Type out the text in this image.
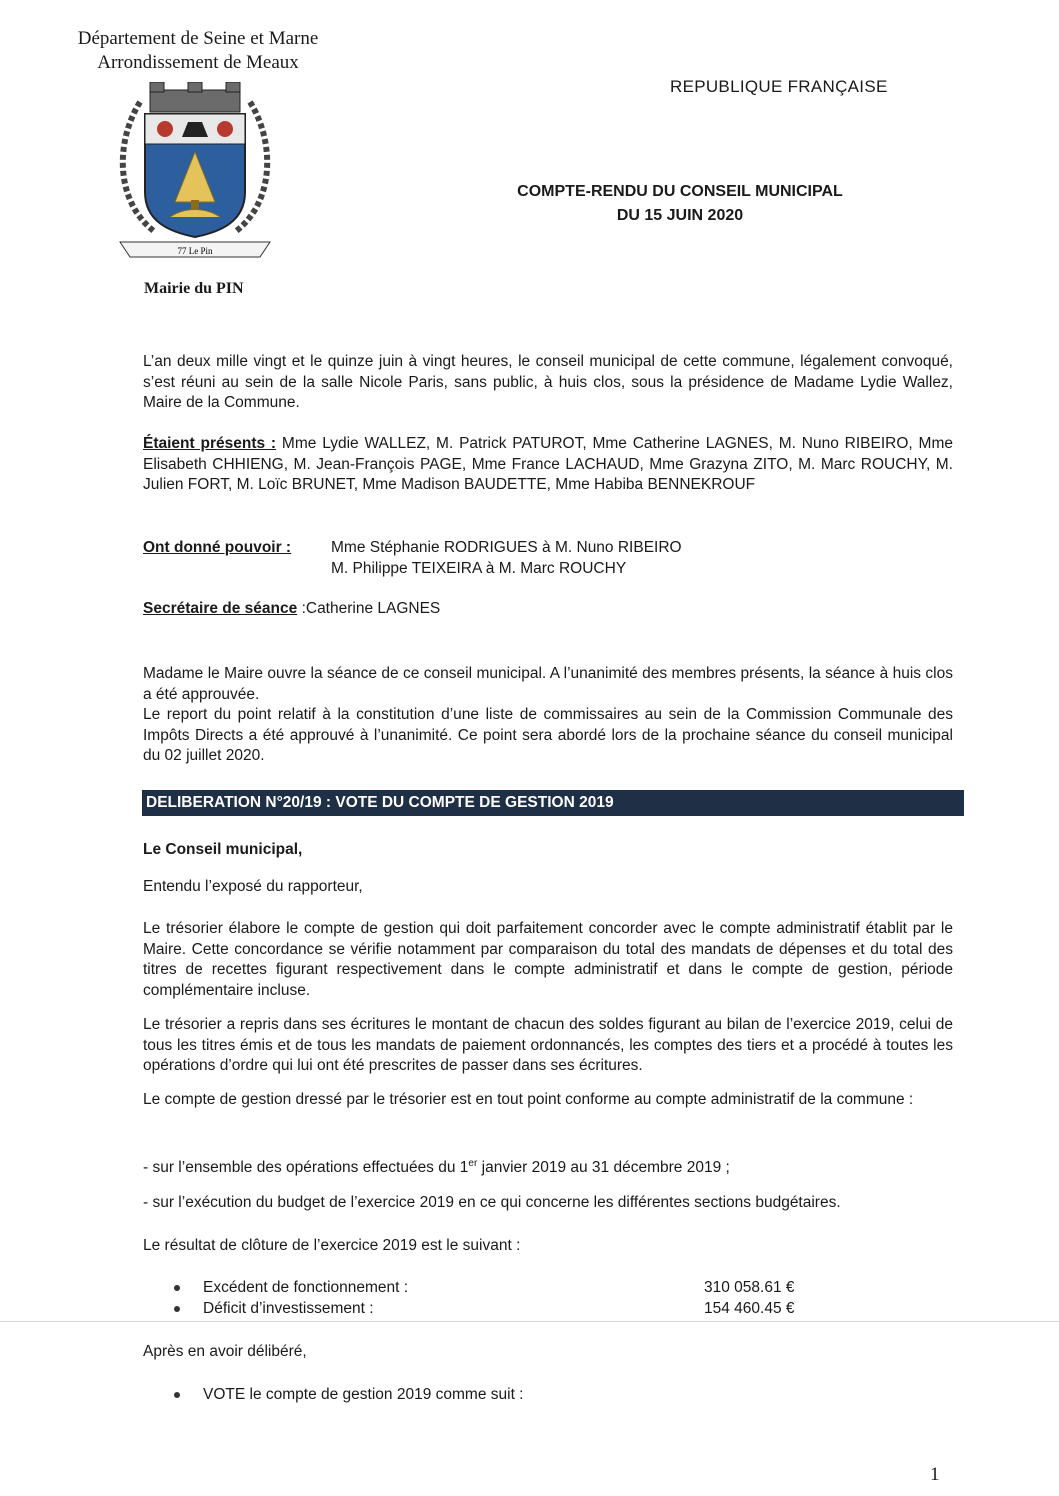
Département de Seine et Marne
Arrondissement de Meaux
77 Le Pin
Mairie du PIN
REPUBLIQUE FRANÇAISE
COMPTE-RENDU DU CONSEIL MUNICIPAL
DU 15 JUIN 2020
L’an deux mille vingt et le quinze juin à vingt heures, le conseil municipal de cette commune, légalement convoqué, s’est réuni au sein de la salle Nicole Paris, sans public, à huis clos, sous la présidence de Madame Lydie Wallez, Maire de la Commune.
Étaient présents : Mme Lydie WALLEZ, M. Patrick PATUROT, Mme Catherine LAGNES, M. Nuno RIBEIRO, Mme Elisabeth CHHIENG, M. Jean-François PAGE, Mme France LACHAUD, Mme Grazyna ZITO, M. Marc ROUCHY, M. Julien FORT, M. Loïc BRUNET, Mme Madison BAUDETTE, Mme Habiba BENNEKROUF
Ont donné pouvoir :	Mme Stéphanie RODRIGUES à M. Nuno RIBEIRO
M. Philippe TEIXEIRA à M. Marc ROUCHY
Secrétaire de séance :Catherine LAGNES
Madame le Maire ouvre la séance de ce conseil municipal. A l’unanimité des membres présents, la séance à huis clos a été approuvée.
Le report du point relatif à la constitution d’une liste de commissaires au sein de la Commission Communale des Impôts Directs a été approuvé à l’unanimité. Ce point sera abordé lors de la prochaine séance du conseil municipal du 02 juillet 2020.
DELIBERATION N°20/19 : VOTE DU COMPTE DE GESTION 2019
Le Conseil municipal,
Entendu l’exposé du rapporteur,
Le trésorier élabore le compte de gestion qui doit parfaitement concorder avec le compte administratif établit par le Maire. Cette concordance se vérifie notamment par comparaison du total des mandats de dépenses et du total des titres de recettes figurant respectivement dans le compte administratif et dans le compte de gestion, période complémentaire incluse.
Le trésorier a repris dans ses écritures le montant de chacun des soldes figurant au bilan de l’exercice 2019, celui de tous les titres émis et de tous les mandats de paiement ordonnancés, les comptes des tiers et a procédé à toutes les opérations d’ordre qui lui ont été prescrites de passer dans ses écritures.
Le compte de gestion dressé par le trésorier est en tout point conforme au compte administratif de la commune :
- sur l’ensemble des opérations effectuées du 1er janvier 2019 au 31 décembre 2019 ;
- sur l’exécution du budget de l’exercice 2019 en ce qui concerne les différentes sections budgétaires.
Le résultat de clôture de l’exercice 2019 est le suivant :
Excédent de fonctionnement :	310 058.61 €
Déficit d’investissement :	154 460.45 €
Après en avoir délibéré,
VOTE le compte de gestion 2019 comme suit :
1
